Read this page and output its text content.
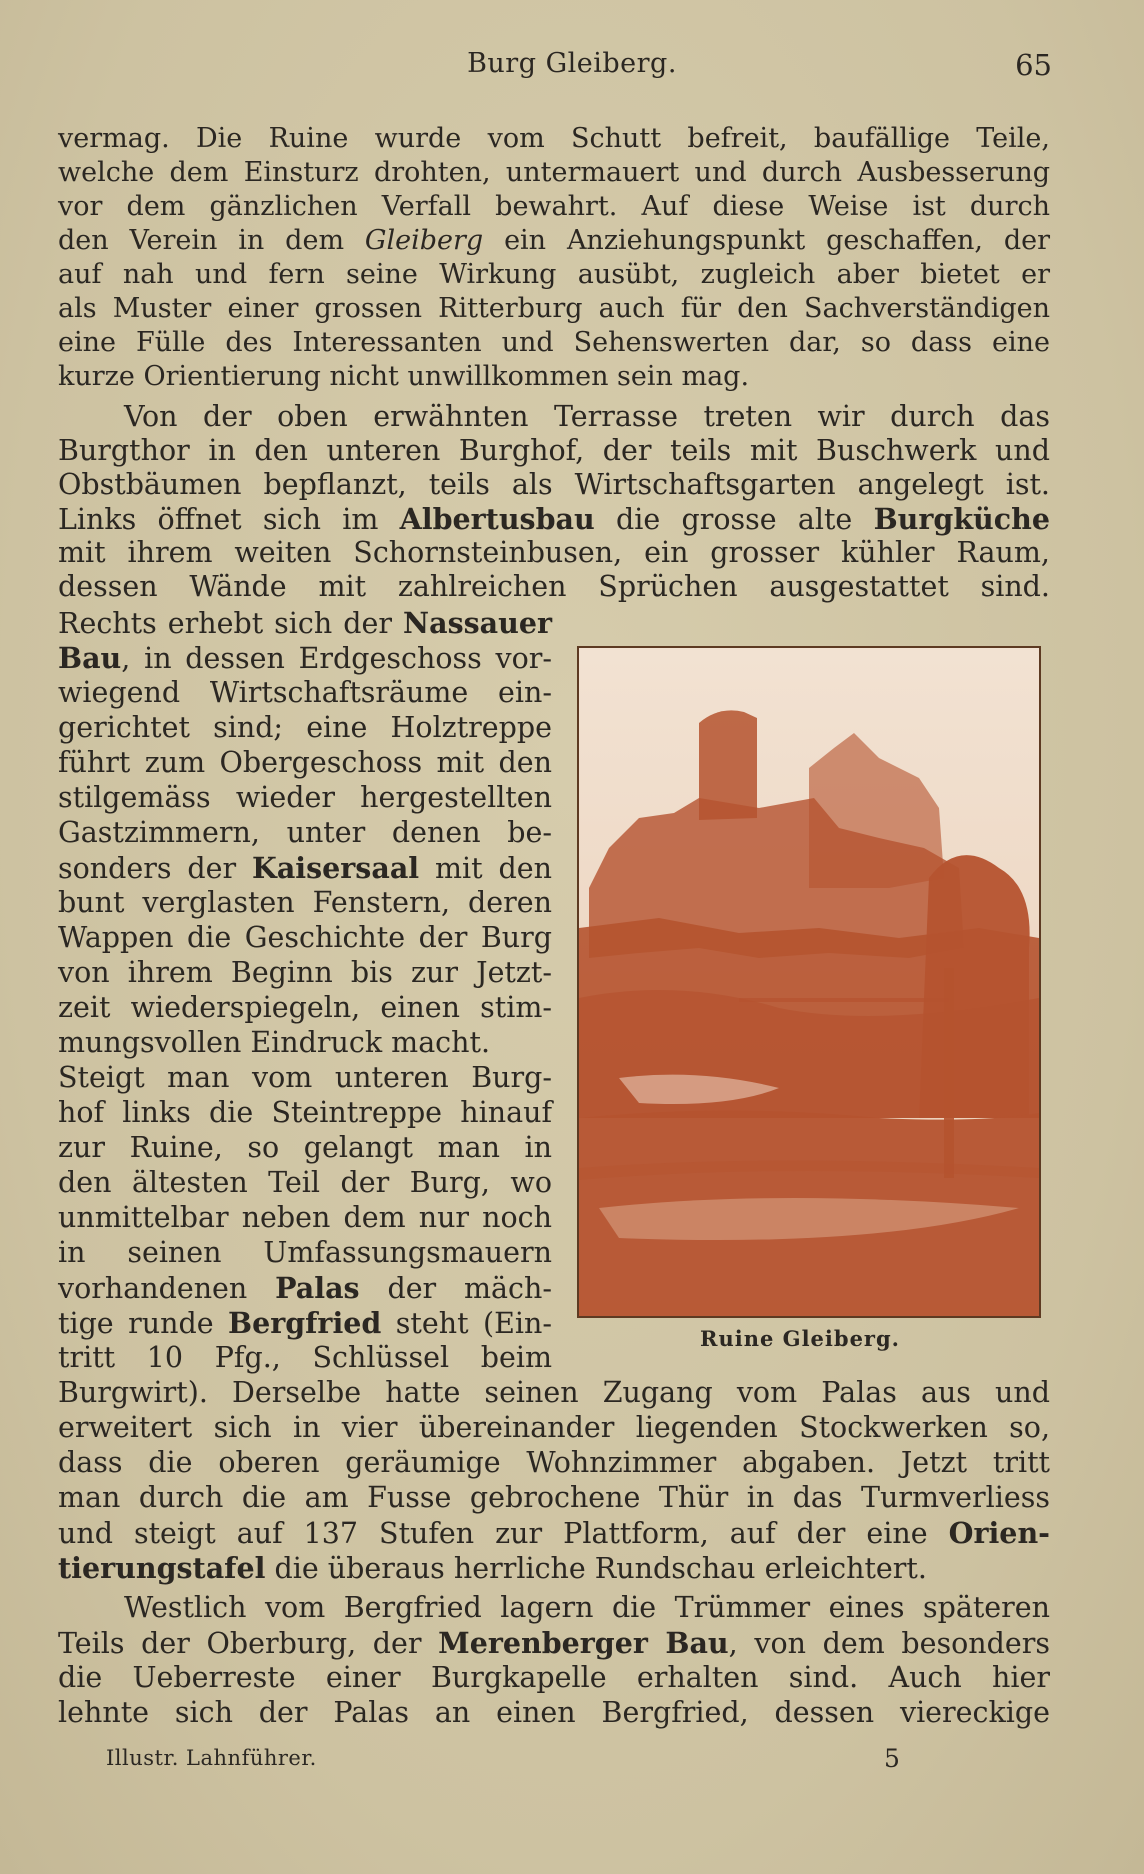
Burg Gleiberg.	65
vermag. Die Ruine wurde vom Schutt befreit, baufällige Teile,
welche dem Einsturz drohten, untermauert und durch Ausbesserung
vor dem gänzlichen Verfall bewahrt. Auf diese Weise ist durch
den Verein in dem Gleiberg ein Anziehungspunkt geschaffen, der
auf nah und fern seine Wirkung ausübt, zugleich aber bietet er
als Muster einer grossen Ritterburg auch für den Sachverständigen
eine Fülle des Interessanten und Sehenswerten dar, so dass eine
kurze Orientierung nicht unwillkommen sein mag.
Von der oben erwähnten Terrasse treten wir durch das
Burgthor in den unteren Burghof, der teils mit Buschwerk und
Obstbäumen bepflanzt, teils als Wirtschaftsgarten angelegt ist.
Links öffnet sich im Albertusbau die grosse alte Burgküche
mit ihrem weiten Schornsteinbusen, ein grosser kühler Raum,
dessen Wände mit zahlreichen Sprüchen ausgestattet sind.
Rechts erhebt sich der Nassauer
Bau, in dessen Erdgeschoss vor-
wiegend Wirtschaftsräume ein-
gerichtet sind; eine Holztreppe
führt zum Obergeschoss mit den
stilgemäss wieder hergestellten
Gastzimmern, unter denen be-
sonders der Kaisersaal mit den
bunt verglasten Fenstern, deren
Wappen die Geschichte der Burg
von ihrem Beginn bis zur Jetzt-
zeit wiederspiegeln, einen stim-
mungsvollen Eindruck macht.
Steigt man vom unteren Burg-
hof links die Steintreppe hinauf
zur Ruine, so gelangt man in
den ältesten Teil der Burg, wo
unmittelbar neben dem nur noch
in seinen Umfassungsmauern
vorhandenen Palas der mäch-
tige runde Bergfried steht (Ein-
tritt 10 Pfg., Schlüssel beim
Ruine Gleiberg.
Burgwirt). Derselbe hatte seinen Zugang vom Palas aus und
erweitert sich in vier übereinander liegenden Stockwerken so,
dass die oberen geräumige Wohnzimmer abgaben. Jetzt tritt
man durch die am Fusse gebrochene Thür in das Turmverliess
und steigt auf 137 Stufen zur Plattform, auf der eine Orien-
tierungstafel die überaus herrliche Rundschau erleichtert.
Westlich vom Bergfried lagern die Trümmer eines späteren
Teils der Oberburg, der Merenberger Bau, von dem besonders
die Ueberreste einer Burgkapelle erhalten sind. Auch hier
lehnte sich der Palas an einen Bergfried, dessen viereckige
Illustr. Lahnführer.	5
